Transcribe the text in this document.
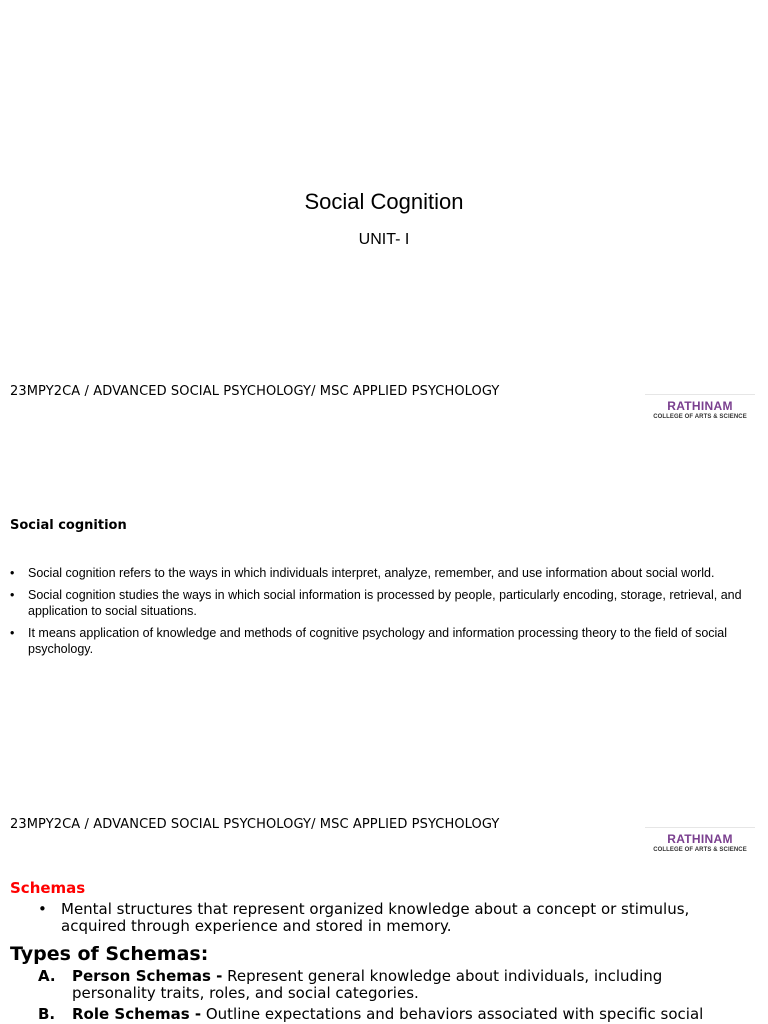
Social Cognition
UNIT- I
23MPY2CA / ADVANCED SOCIAL PSYCHOLOGY/ MSC APPLIED PSYCHOLOGY
RATHINAM
COLLEGE OF ARTS & SCIENCE
Social cognition
• Social cognition refers to the ways in which individuals interpret, analyze, remember, and use information about social world.
• Social cognition studies the ways in which social information is processed by people, particularly encoding, storage, retrieval, and application to social situations.
• It means application of knowledge and methods of cognitive psychology and information processing theory to the field of social psychology.
23MPY2CA / ADVANCED SOCIAL PSYCHOLOGY/ MSC APPLIED PSYCHOLOGY
RATHINAM
COLLEGE OF ARTS & SCIENCE
Schemas
• Mental structures that represent organized knowledge about a concept or stimulus, acquired through experience and stored in memory.
Types of Schemas:
A. Person Schemas - Represent general knowledge about individuals, including personality traits, roles, and social categories.
B. Role Schemas - Outline expectations and behaviors associated with specific social
